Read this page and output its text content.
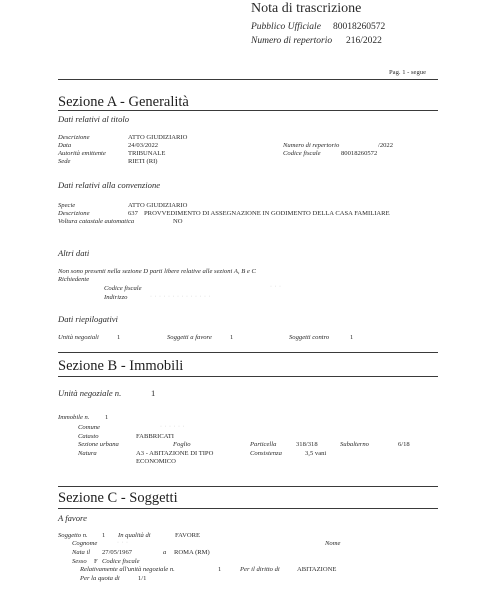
Nota di trascrizione
Pubblico Ufficiale 80018260572
Numero di repertorio 216/2022
Pag. 1 - segue
Sezione A - Generalità
Dati relativi al titolo
Descrizione	ATTO GIUDIZIARIO
Data	24/03/2022
Autorità emittente	TRIBUNALE
Sede	RIETI (RI)
Numero di repertorio	/2022
Codice fiscale	80018260572
Dati relativi alla convenzione
Specie	ATTO GIUDIZIARIO
Descrizione	637 PROVVEDIMENTO DI ASSEGNAZIONE IN GODIMENTO DELLA CASA FAMILIARE
Voltura catastale automatica	NO
Altri dati
Non sono presenti nella sezione D parti libere relative alle sezioni A, B e C
Richiedente
Codice fiscale
Indirizzo
· · ·
· · · · · · · · · · · · · ·
Dati riepilogativi
Unità negoziali	1	Soggetti a favore	1	Soggetti contro	1
Sezione B - Immobili
Unità negoziale n.	1
Immobile n. 1
Comune	· · · · · ·
Catasto	FABBRICATI
Sezione urbana	Foglio	Particella	318/318	Subalterno	6/18
Natura	A3 - ABITAZIONE DI TIPO
ECONOMICO
Consistenza	3,5 vani
Sezione C - Soggetti
A favore
Soggetto n. 1 In qualità di	FAVORE
Cognome	· · ·	Nome
Nata il 27/05/1967	a ROMA (RM)
Sesso F Codice fiscale
Relativamente all'unità negoziale n.	1	Per il diritto di	ABITAZIONE
Per la quota di	1/1
